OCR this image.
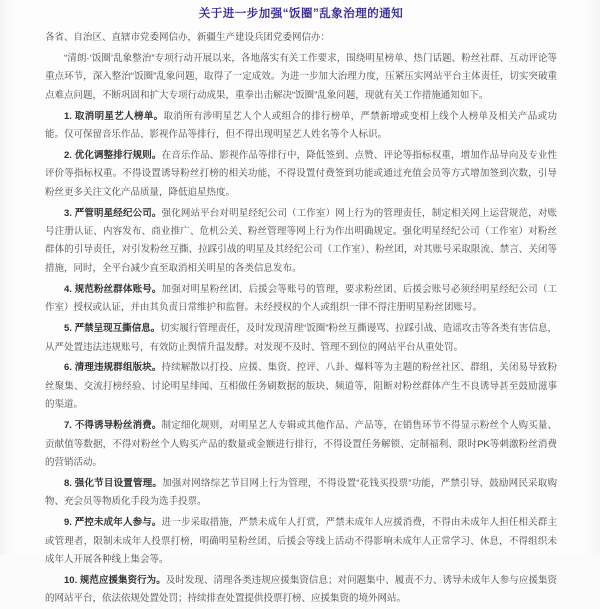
关于进一步加强“饭圈”乱象治理的通知

各省、自治区、直辖市党委网信办，新疆生产建设兵团党委网信办：

“清朗·‘饭圈’乱象整治”专项行动开展以来，各地落实有关工作要求，围绕明星榜单、热门话题、粉丝社群、互动评论等重点环节，深入整治“饭圈”乱象问题，取得了一定成效。为进一步加大治理力度，压紧压实网站平台主体责任，切实突破重点难点问题，不断巩固和扩大专项行动成果，重拳出击解决“饭圈”乱象问题，现就有关工作措施通知如下。

1. 取消明星艺人榜单。取消所有涉明星艺人个人或组合的排行榜单，严禁新增或变相上线个人榜单及相关产品或功能。仅可保留音乐作品、影视作品等排行，但不得出现明星艺人姓名等个人标识。

2. 优化调整排行规则。在音乐作品、影视作品等排行中，降低签到、点赞、评论等指标权重，增加作品导向及专业性评价等指标权重。不得设置诱导粉丝打榜的相关功能，不得设置付费签到功能或通过充值会员等方式增加签到次数，引导粉丝更多关注文化产品质量，降低追星热度。

3. 严管明星经纪公司。强化网站平台对明星经纪公司（工作室）网上行为的管理责任，制定相关网上运营规范，对账号注册认证、内容发布、商业推广、危机公关、粉丝管理等网上行为作出明确规定。强化明星经纪公司（工作室）对粉丝群体的引导责任，对引发粉丝互撕、拉踩引战的明星及其经纪公司（工作室）、粉丝团，对其账号采取限流、禁言、关闭等措施，同时，全平台减少直至取消相关明星的各类信息发布。

4. 规范粉丝群体账号。加强对明星粉丝团、后援会等账号的管理，要求粉丝团、后援会账号必须经明星经纪公司（工作室）授权或认证，并由其负责日常维护和监督。未经授权的个人或组织一律不得注册明星粉丝团账号。

5. 严禁呈现互撕信息。切实履行管理责任，及时发现清理“饭圈”粉丝互撕谩骂、拉踩引战、造谣攻击等各类有害信息，从严处置违法违规账号，有效防止舆情升温发酵。对发现不及时、管理不到位的网站平台从重处罚。

6. 清理违规群组版块。持续解散以打投、应援、集资、控评、八卦、爆料等为主题的粉丝社区、群组，关闭易导致粉丝聚集、交流打榜经验、讨论明星绯闻、互相做任务刷数据的版块、频道等，阻断对粉丝群体产生不良诱导甚至鼓励滋事的渠道。

7. 不得诱导粉丝消费。制定细化规则，对明星艺人专辑或其他作品、产品等，在销售环节不得显示粉丝个人购买量、贡献值等数据，不得对粉丝个人购买产品的数量或金额进行排行，不得设置任务解锁、定制福利、限时PK等刺激粉丝消费的营销活动。

8. 强化节目设置管理。加强对网络综艺节目网上行为管理，不得设置“花钱买投票”功能，严禁引导、鼓励网民采取购物、充会员等物质化手段为选手投票。

9. 严控未成年人参与。进一步采取措施，严禁未成年人打赏，严禁未成年人应援消费，不得由未成年人担任相关群主或管理者，限制未成年人投票打榜，明确明星粉丝团、后援会等线上活动不得影响未成年人正常学习、休息，不得组织未成年人开展各种线上集会等。

10. 规范应援集资行为。及时发现、清理各类违规应援集资信息；对问题集中、履责不力、诱导未成年人参与应援集资的网站平台，依法依规处置处罚；持续排查处置提供投票打榜、应援集资的境外网站。
